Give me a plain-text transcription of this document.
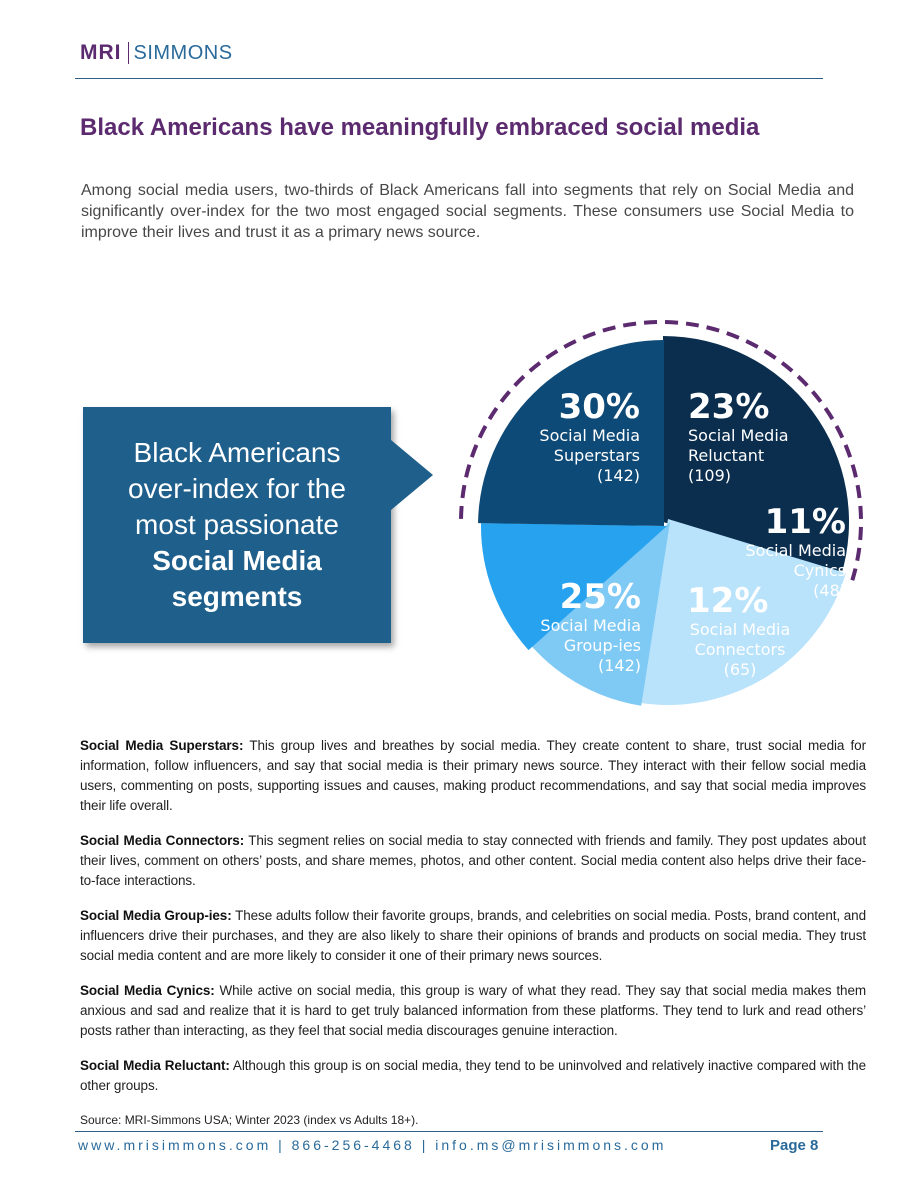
MRI SIMMONS
Black Americans have meaningfully embraced social media

Among social media users, two-thirds of Black Americans fall into segments that rely on Social Media and significantly over-index for the two most engaged social segments. These consumers use Social Media to improve their lives and trust it as a primary news source.

Black Americans
over-index for the
most passionate
Social Media
segments
30%
Social Media
Superstars
(142)
23%
Social Media
Reluctant
(109)
11%
Social Media
Cynics
(48)
12%
Social Media
Connectors
(65)
25%
Social Media
Group-ies
(142)

Social Media Superstars: This group lives and breathes by social media. They create content to share, trust social media for information, follow influencers, and say that social media is their primary news source. They interact with their fellow social media users, commenting on posts, supporting issues and causes, making product recommendations, and say that social media improves their life overall.

Social Media Connectors: This segment relies on social media to stay connected with friends and family. They post updates about their lives, comment on others’ posts, and share memes, photos, and other content. Social media content also helps drive their face-to-face interactions.

Social Media Group-ies: These adults follow their favorite groups, brands, and celebrities on social media. Posts, brand content, and influencers drive their purchases, and they are also likely to share their opinions of brands and products on social media. They trust social media content and are more likely to consider it one of their primary news sources.

Social Media Cynics: While active on social media, this group is wary of what they read. They say that social media makes them anxious and sad and realize that it is hard to get truly balanced information from these platforms. They tend to lurk and read others’ posts rather than interacting, as they feel that social media discourages genuine interaction.

Social Media Reluctant: Although this group is on social media, they tend to be uninvolved and relatively inactive compared with the other groups.

Source: MRI-Simmons USA; Winter 2023 (index vs Adults 18+).
www.mrisimmons.com | 866-256-4468 | info.ms@mrisimmons.com	Page 8
